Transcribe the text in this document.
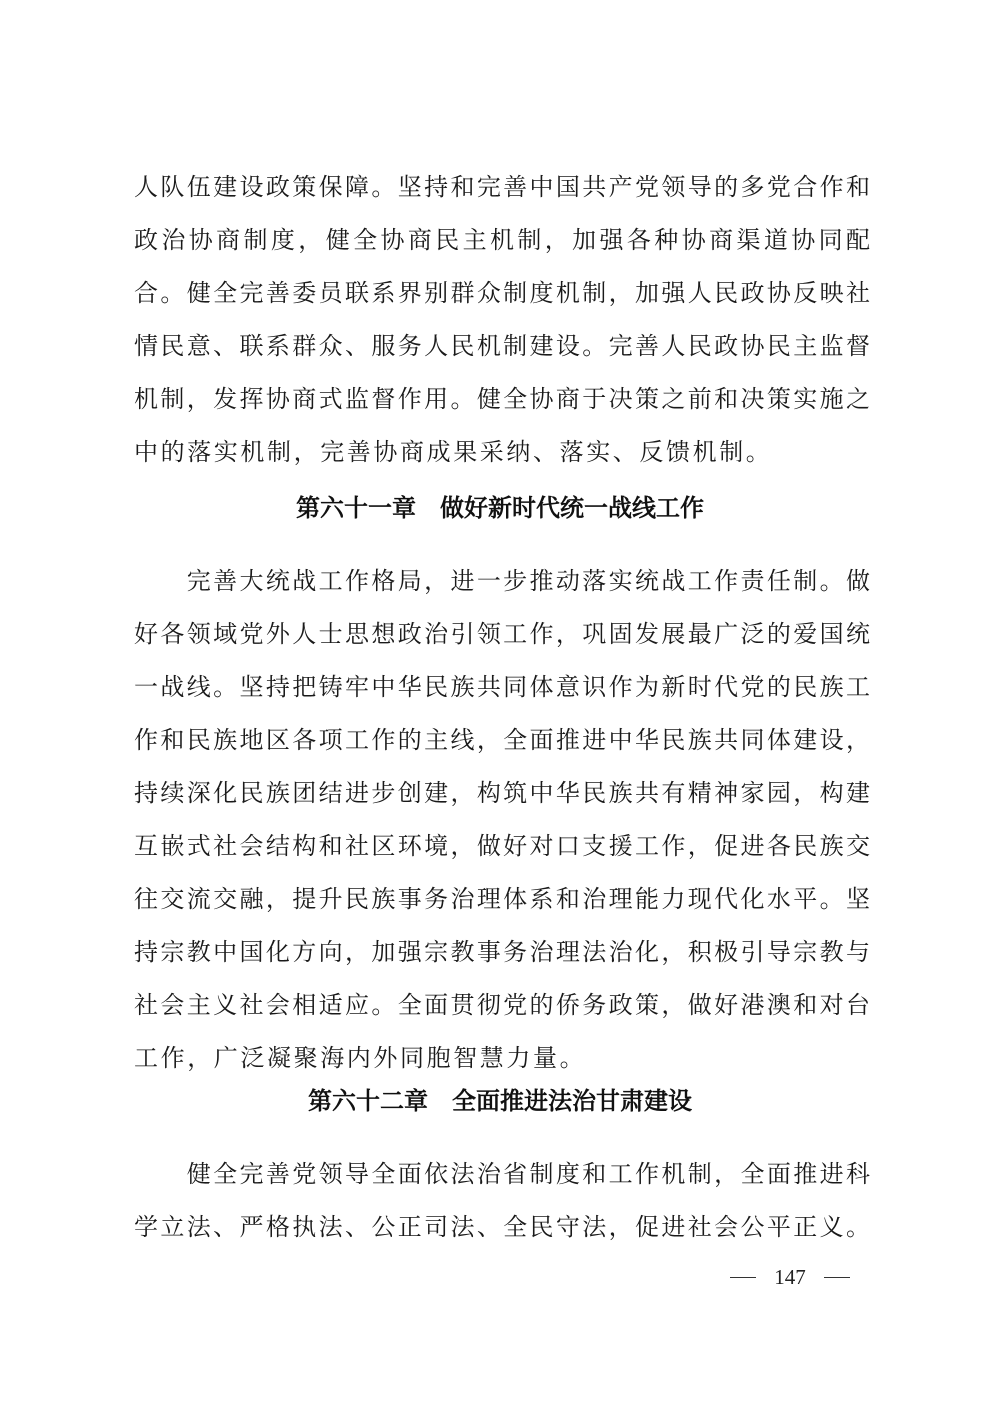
人队伍建设政策保障。坚持和完善中国共产党领导的多党合作和
政治协商制度，健全协商民主机制，加强各种协商渠道协同配
合。健全完善委员联系界别群众制度机制，加强人民政协反映社
情民意、联系群众、服务人民机制建设。完善人民政协民主监督
机制，发挥协商式监督作用。健全协商于决策之前和决策实施之
中的落实机制，完善协商成果采纳、落实、反馈机制。
第六十一章　做好新时代统一战线工作
　　完善大统战工作格局，进一步推动落实统战工作责任制。做
好各领域党外人士思想政治引领工作，巩固发展最广泛的爱国统
一战线。坚持把铸牢中华民族共同体意识作为新时代党的民族工
作和民族地区各项工作的主线，全面推进中华民族共同体建设，
持续深化民族团结进步创建，构筑中华民族共有精神家园，构建
互嵌式社会结构和社区环境，做好对口支援工作，促进各民族交
往交流交融，提升民族事务治理体系和治理能力现代化水平。坚
持宗教中国化方向，加强宗教事务治理法治化，积极引导宗教与
社会主义社会相适应。全面贯彻党的侨务政策，做好港澳和对台
工作，广泛凝聚海内外同胞智慧力量。
第六十二章　全面推进法治甘肃建设
　　健全完善党领导全面依法治省制度和工作机制，全面推进科
学立法、严格执法、公正司法、全民守法，促进社会公平正义。
147
